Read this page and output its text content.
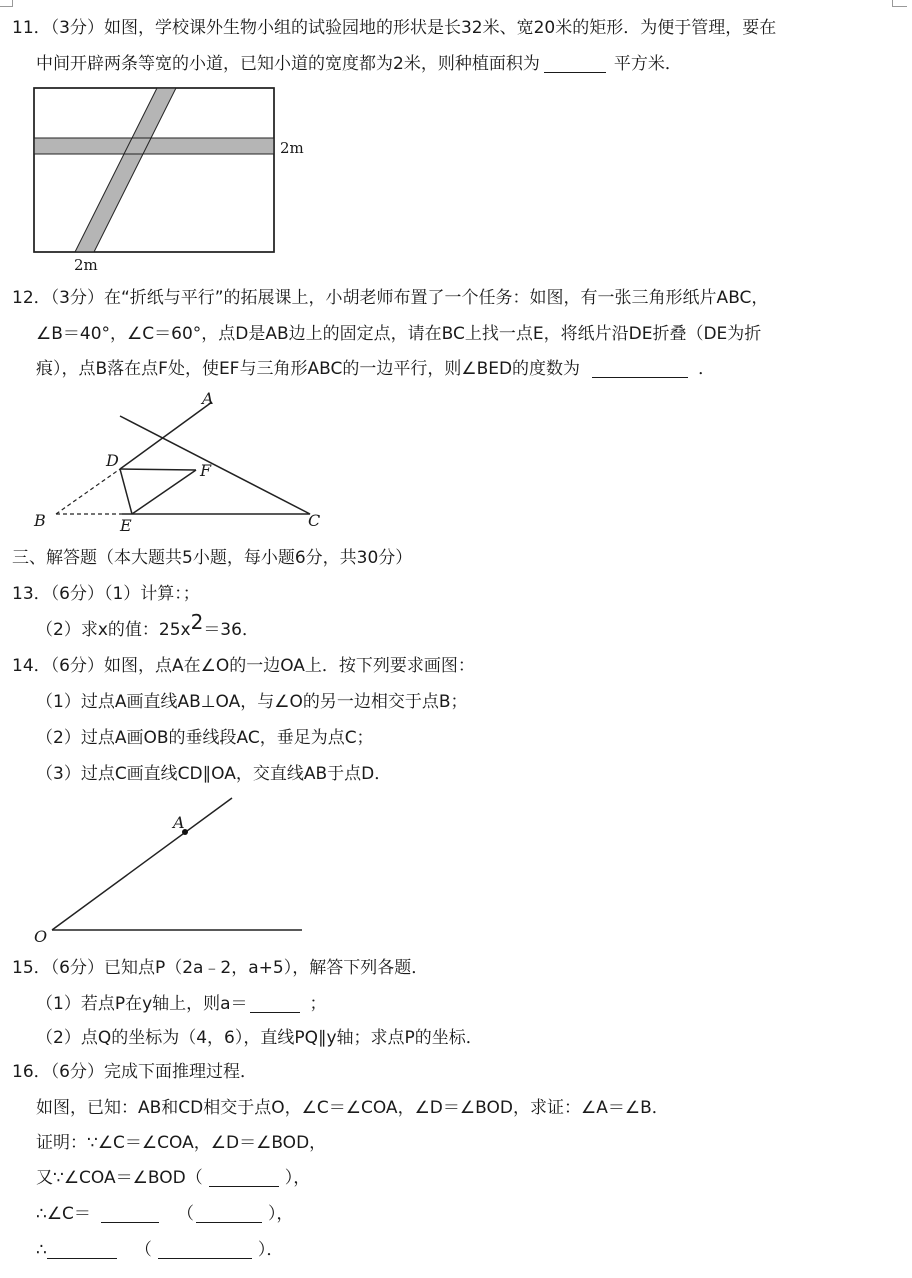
11．（3分）如图，学校课外生物小组的试验园地的形状是长32米、宽20米的矩形．为便于管理，要在
中间开辟两条等宽的小道，已知小道的宽度都为2米，则种植面积为	平方米．
2m
2m
12．（3分）在“折纸与平行”的拓展课上，小胡老师布置了一个任务：如图，有一张三角形纸片ABC，
∠B＝40°，∠C＝60°，点D是AB边上的固定点，请在BC上找一点E，将纸片沿DE折叠（DE为折
痕），点B落在点F处，使EF与三角形ABC的一边平行，则∠BED的度数为	．
A
D
F
B	E	C
三、解答题（本大题共5小题，每小题6分，共30分）
13．（6分）（1）计算：；
（2）求x的值：$25x^2=36$．
14．（6分）如图，点A在∠O的一边OA上．按下列要求画图：
（1）过点A画直线AB⊥OA，与∠O的另一边相交于点B；
（2）过点A画OB的垂线段AC，垂足为点C；
（3）过点C画直线CD∥OA，交直线AB于点D．
A
O
15．（6分）已知点P（2a﹣2，a+5），解答下列各题．
（1）若点P在y轴上，则a＝	；
（2）点Q的坐标为（4，6），直线PQ∥y轴；求点P的坐标．
16．（6分）完成下面推理过程．
如图，已知：AB和CD相交于点O，∠C＝∠COA，∠D＝∠BOD，求证：∠A＝∠B．
证明：∵∠C＝∠COA，∠D＝∠BOD，
又∵∠COA＝∠BOD（	），
∴∠C＝	（	），
∴	（	）．
